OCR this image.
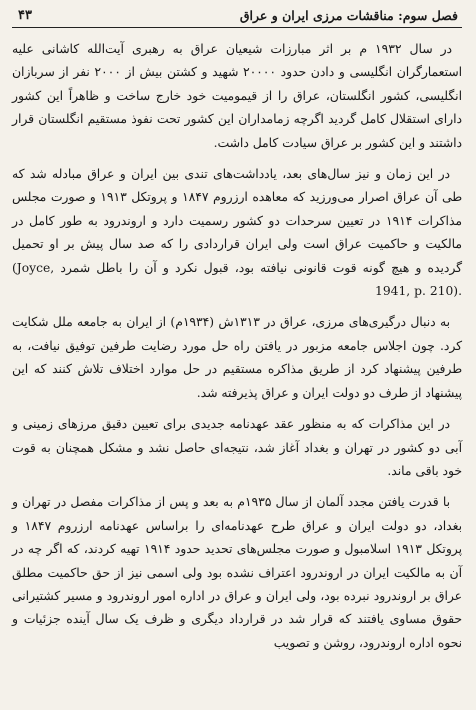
فصل سوم: مناقشات مرزی ایران و عراق
۴۳

در سال ۱۹۳۲ م بر اثر مبارزات شیعیان عراق به رهبری آیت‌الله کاشانی علیه استعمارگران انگلیسی و دادن حدود ۲۰۰۰۰ شهید و کشتن بیش از ۲۰۰۰ نفر از سربازان انگلیسی، کشور انگلستان، عراق را از قیمومیت خود خارج ساخت و ظاهراً این کشور دارای استقلال کامل گردید اگرچه زمامداران این کشور تحت نفوذ مستقیم انگلستان قرار داشتند و این کشور بر عراق سیادت کامل داشت.

در این زمان و نیز سال‌های بعد، یادداشت‌های تندی بین ایران و عراق مبادله شد که طی آن عراق اصرار می‌ورزید که معاهده ارزروم ۱۸۴۷ و پروتکل ۱۹۱۳ و صورت مجلس مذاکرات ۱۹۱۴ در تعیین سرحدات دو کشور رسمیت دارد و اروندرود به طور کامل در مالکیت و حاکمیت عراق است ولی ایران قراردادی را که صد سال پیش بر او تحمیل گردیده و هیچ گونه قوت قانونی نیافته بود، قبول نکرد و آن را باطل شمرد (Joyce, 1941, p. 210).

به دنبال درگیری‌های مرزی، عراق در ۱۳۱۳ش (۱۹۳۴م) از ایران به جامعه ملل شکایت کرد. چون اجلاس جامعه مزبور در یافتن راه حل مورد رضایت طرفین توفیق نیافت، به طرفین پیشنهاد کرد از طریق مذاکره مستقیم در حل موارد اختلاف تلاش کنند که این پیشنهاد از طرف دو دولت ایران و عراق پذیرفته شد.

در این مذاکرات که به منظور عقد عهدنامه جدیدی برای تعیین دقیق مرزهای زمینی و آبی دو کشور در تهران و بغداد آغاز شد، نتیجه‌ای حاصل نشد و مشکل همچنان به قوت خود باقی ماند.

با قدرت یافتن مجدد آلمان از سال ۱۹۳۵م به بعد و پس از مذاکرات مفصل در تهران و بغداد، دو دولت ایران و عراق طرح عهدنامه‌ای را براساس عهدنامه ارزروم ۱۸۴۷ و پروتکل ۱۹۱۳ اسلامبول و صورت مجلس‌های تحدید حدود ۱۹۱۴ تهیه کردند، که اگر چه در آن به مالکیت ایران در اروندرود اعتراف نشده بود ولی اسمی نیز از حق حاکمیت مطلق عراق بر اروندرود نبرده بود، ولی ایران و عراق در اداره امور اروندرود و مسیر کشتیرانی حقوق مساوی یافتند که قرار شد در قرارداد دیگری و ظرف یک سال آینده جزئیات و نحوه اداره اروندرود، روشن و تصویب
